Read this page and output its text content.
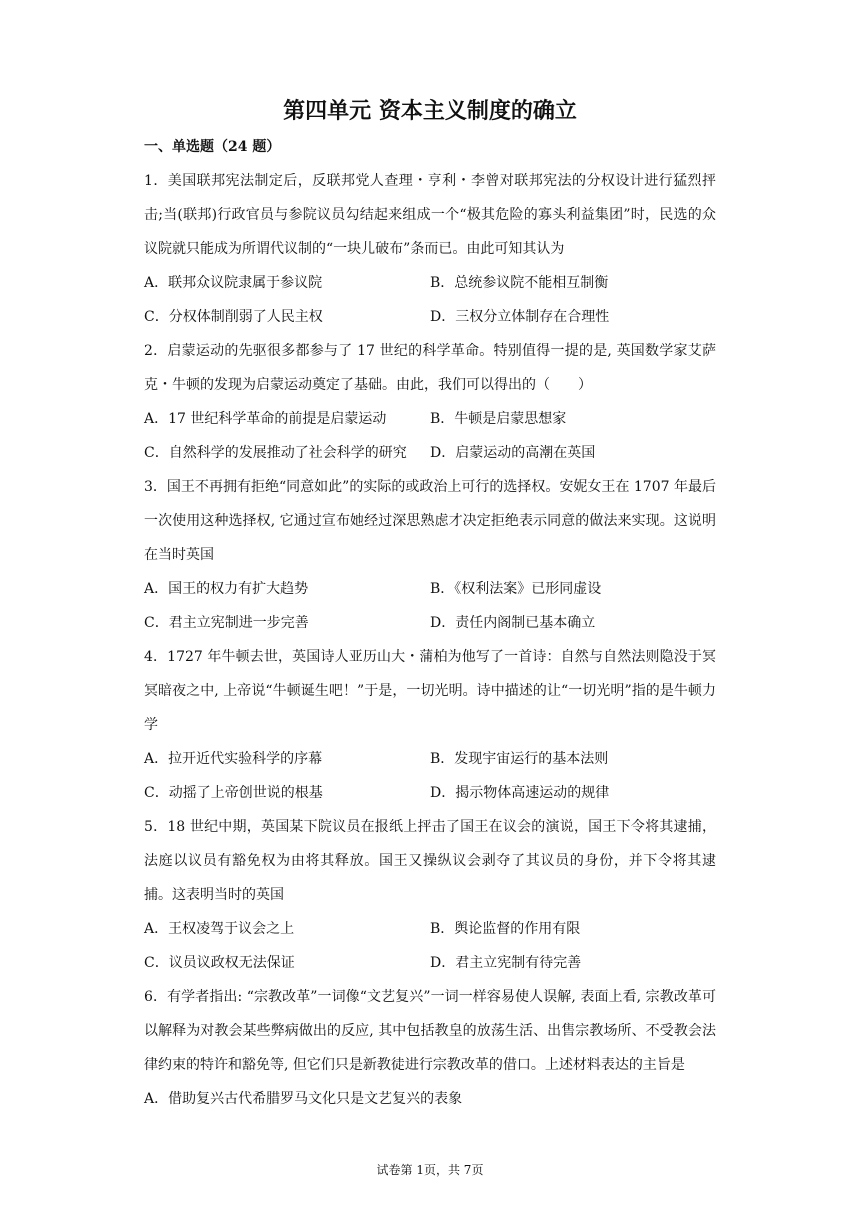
第四单元 资本主义制度的确立
一、单选题（24 题）

1．美国联邦宪法制定后，反联邦党人查理・亨利・李曾对联邦宪法的分权设计进行猛烈抨击;当(联邦)行政官员与参院议员勾结起来组成一个“极其危险的寡头利益集团”时，民选的众议院就只能成为所谓代议制的“一块儿破布”条而已。由此可知其认为

A．联邦众议院隶属于参议院	B．总统参议院不能相互制衡
C．分权体制削弱了人民主权	D．三权分立体制存在合理性

2．启蒙运动的先驱很多都参与了 17 世纪的科学革命。特别值得一提的是, 英国数学家艾萨克・牛顿的发现为启蒙运动奠定了基础。由此，我们可以得出的（　　）

A．17 世纪科学革命的前提是启蒙运动	B．牛顿是启蒙思想家
C．自然科学的发展推动了社会科学的研究	D．启蒙运动的高潮在英国

3．国王不再拥有拒绝“同意如此”的实际的或政治上可行的选择权。安妮女王在 1707 年最后一次使用这种选择权, 它通过宣布她经过深思熟虑才决定拒绝表示同意的做法来实现。这说明在当时英国

A．国王的权力有扩大趋势	B．《权利法案》已形同虚设
C．君主立宪制进一步完善	D．责任内阁制已基本确立

4．1727 年牛顿去世，英国诗人亚历山大・蒲柏为他写了一首诗：自然与自然法则隐没于冥冥暗夜之中, 上帝说“牛顿诞生吧！”于是，一切光明。诗中描述的让“一切光明”指的是牛顿力学

A．拉开近代实验科学的序幕	B．发现宇宙运行的基本法则
C．动摇了上帝创世说的根基	D．揭示物体高速运动的规律

5．18 世纪中期，英国某下院议员在报纸上抨击了国王在议会的演说，国王下令将其逮捕，法庭以议员有豁免权为由将其释放。国王又操纵议会剥夺了其议员的身份，并下令将其逮捕。这表明当时的英国

A．王权凌驾于议会之上	B．舆论监督的作用有限
C．议员议政权无法保证	D．君主立宪制有待完善

6．有学者指出: “宗教改革”一词像“文艺复兴”一词一样容易使人误解, 表面上看, 宗教改革可以解释为对教会某些弊病做出的反应, 其中包括教皇的放荡生活、出售宗教场所、不受教会法律约束的特许和豁免等, 但它们只是新教徒进行宗教改革的借口。上述材料表达的主旨是

A．借助复兴古代希腊罗马文化只是文艺复兴的表象
试卷第 1页，共 7页
